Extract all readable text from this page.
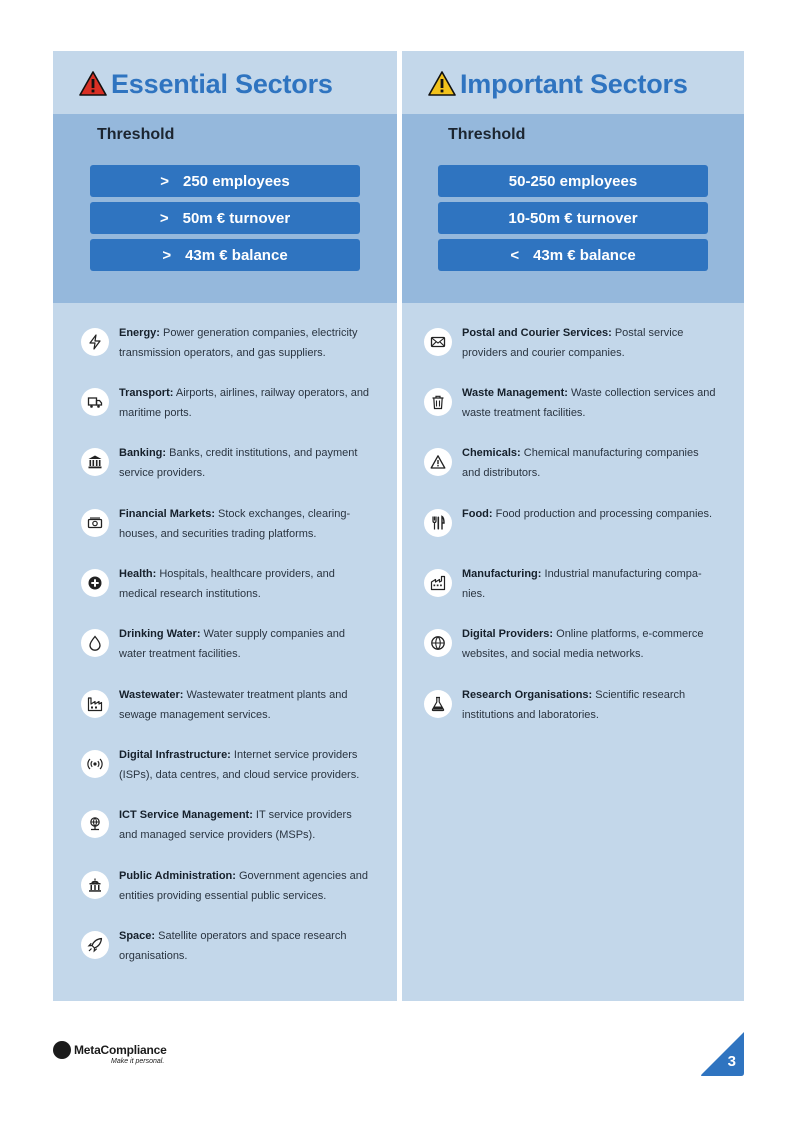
Essential Sectors
Threshold
> 250 employees
> 50m € turnover
> 43m € balance
Energy: Power generation companies, electricity transmission operators, and gas suppliers.
Transport: Airports, airlines, railway operators, and maritime ports.
Banking: Banks, credit institutions, and payment service providers.
Financial Markets: Stock exchanges, clearing-houses, and securities trading platforms.
Health: Hospitals, healthcare providers, and medical research institutions.
Drinking Water: Water supply companies and water treatment facilities.
Wastewater: Wastewater treatment plants and sewage management services.
Digital Infrastructure: Internet service providers (ISPs), data centres, and cloud service providers.
ICT Service Management: IT service providers and managed service providers (MSPs).
Public Administration: Government agencies and entities providing essential public services.
Space: Satellite operators and space research organisations.
Important Sectors
Threshold
50-250 employees
10-50m € turnover
< 43m € balance
Postal and Courier Services: Postal service providers and courier companies.
Waste Management: Waste collection services and waste treatment facilities.
Chemicals: Chemical manufacturing companies and distributors.
Food: Food production and processing companies.
Manufacturing: Industrial manufacturing compa-nies.
Digital Providers: Online platforms, e-commerce websites, and social media networks.
Research Organisations: Scientific research institutions and laboratories.
MetaCompliance
Make it personal.	3
